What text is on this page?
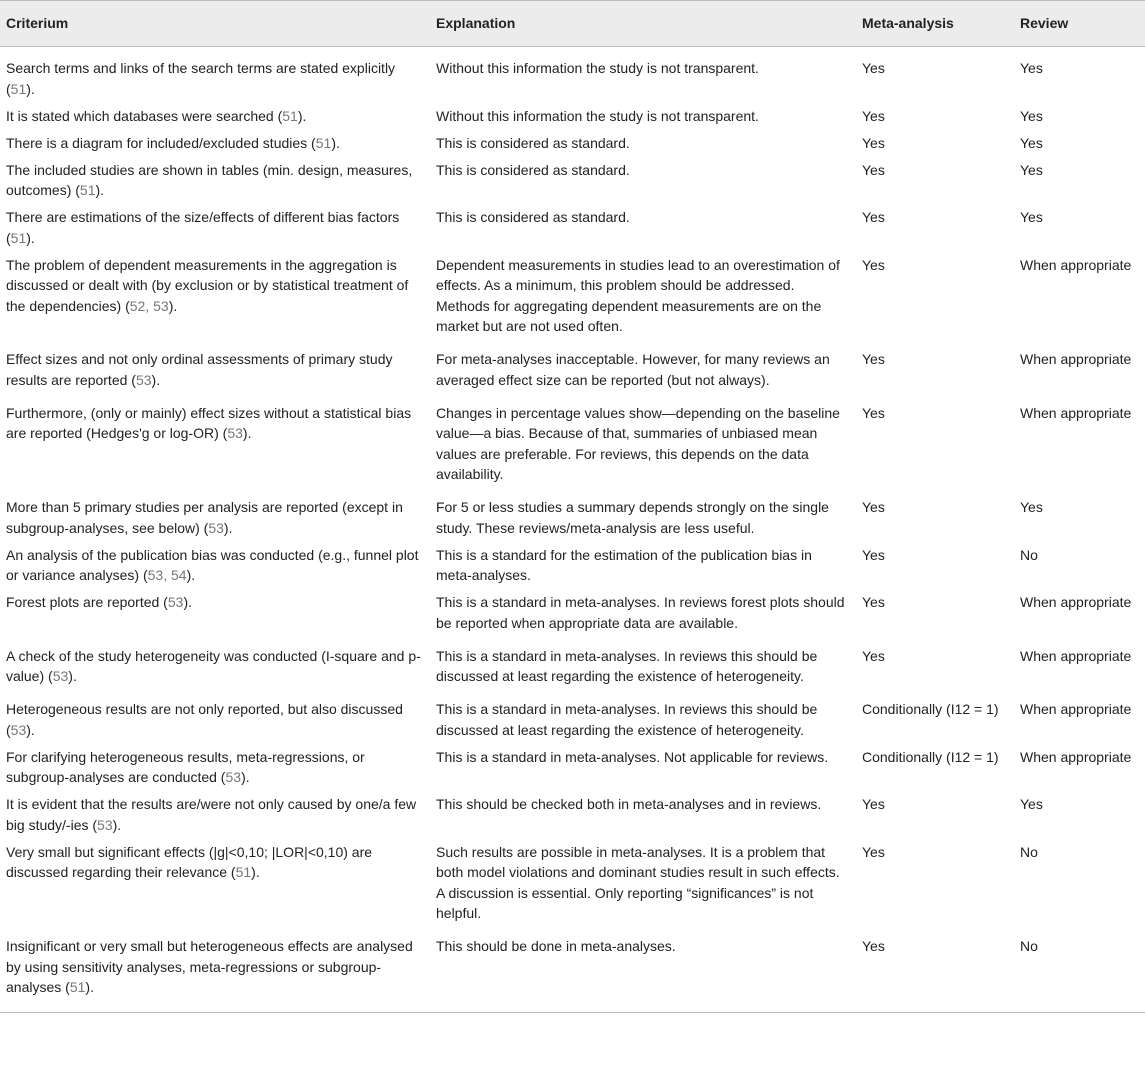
Criterium	Explanation	Meta-analysis	Review
Search terms and links of the search terms are stated explicitly (51).	Without this information the study is not transparent.	Yes	Yes
It is stated which databases were searched (51).	Without this information the study is not transparent.	Yes	Yes
There is a diagram for included/excluded studies (51).	This is considered as standard.	Yes	Yes
The included studies are shown in tables (min. design, measures, outcomes) (51).	This is considered as standard.	Yes	Yes
There are estimations of the size/effects of different bias factors (51).	This is considered as standard.	Yes	Yes
The problem of dependent measurements in the aggregation is discussed or dealt with (by exclusion or by statistical treatment of the dependencies) (52, 53).	Dependent measurements in studies lead to an overestimation of effects. As a minimum, this problem should be addressed. Methods for aggregating dependent measurements are on the market but are not used often.	Yes	When appropriate
Effect sizes and not only ordinal assessments of primary study results are reported (53).	For meta-analyses inacceptable. However, for many reviews an averaged effect size can be reported (but not always).	Yes	When appropriate
Furthermore, (only or mainly) effect sizes without a statistical bias are reported (Hedges'g or log-OR) (53).	Changes in percentage values show—depending on the baseline value—a bias. Because of that, summaries of unbiased mean values are preferable. For reviews, this depends on the data availability.	Yes	When appropriate
More than 5 primary studies per analysis are reported (except in subgroup-analyses, see below) (53).	For 5 or less studies a summary depends strongly on the single study. These reviews/meta-analysis are less useful.	Yes	Yes
An analysis of the publication bias was conducted (e.g., funnel plot or variance analyses) (53, 54).	This is a standard for the estimation of the publication bias in meta-analyses.	Yes	No
Forest plots are reported (53).	This is a standard in meta-analyses. In reviews forest plots should be reported when appropriate data are available.	Yes	When appropriate
A check of the study heterogeneity was conducted (I-square and p-value) (53).	This is a standard in meta-analyses. In reviews this should be discussed at least regarding the existence of heterogeneity.	Yes	When appropriate
Heterogeneous results are not only reported, but also discussed (53).	This is a standard in meta-analyses. In reviews this should be discussed at least regarding the existence of heterogeneity.	Conditionally (I12 = 1)	When appropriate
For clarifying heterogeneous results, meta-regressions, or subgroup-analyses are conducted (53).	This is a standard in meta-analyses. Not applicable for reviews.	Conditionally (I12 = 1)	When appropriate
It is evident that the results are/were not only caused by one/a few big study/-ies (53).	This should be checked both in meta-analyses and in reviews.	Yes	Yes
Very small but significant effects (|g|<0,10; |LOR|<0,10) are discussed regarding their relevance (51).	Such results are possible in meta-analyses. It is a problem that both model violations and dominant studies result in such effects. A discussion is essential. Only reporting “significances” is not helpful.	Yes	No
Insignificant or very small but heterogeneous effects are analysed by using sensitivity analyses, meta-regressions or subgroup-analyses (51).	This should be done in meta-analyses.	Yes	No
